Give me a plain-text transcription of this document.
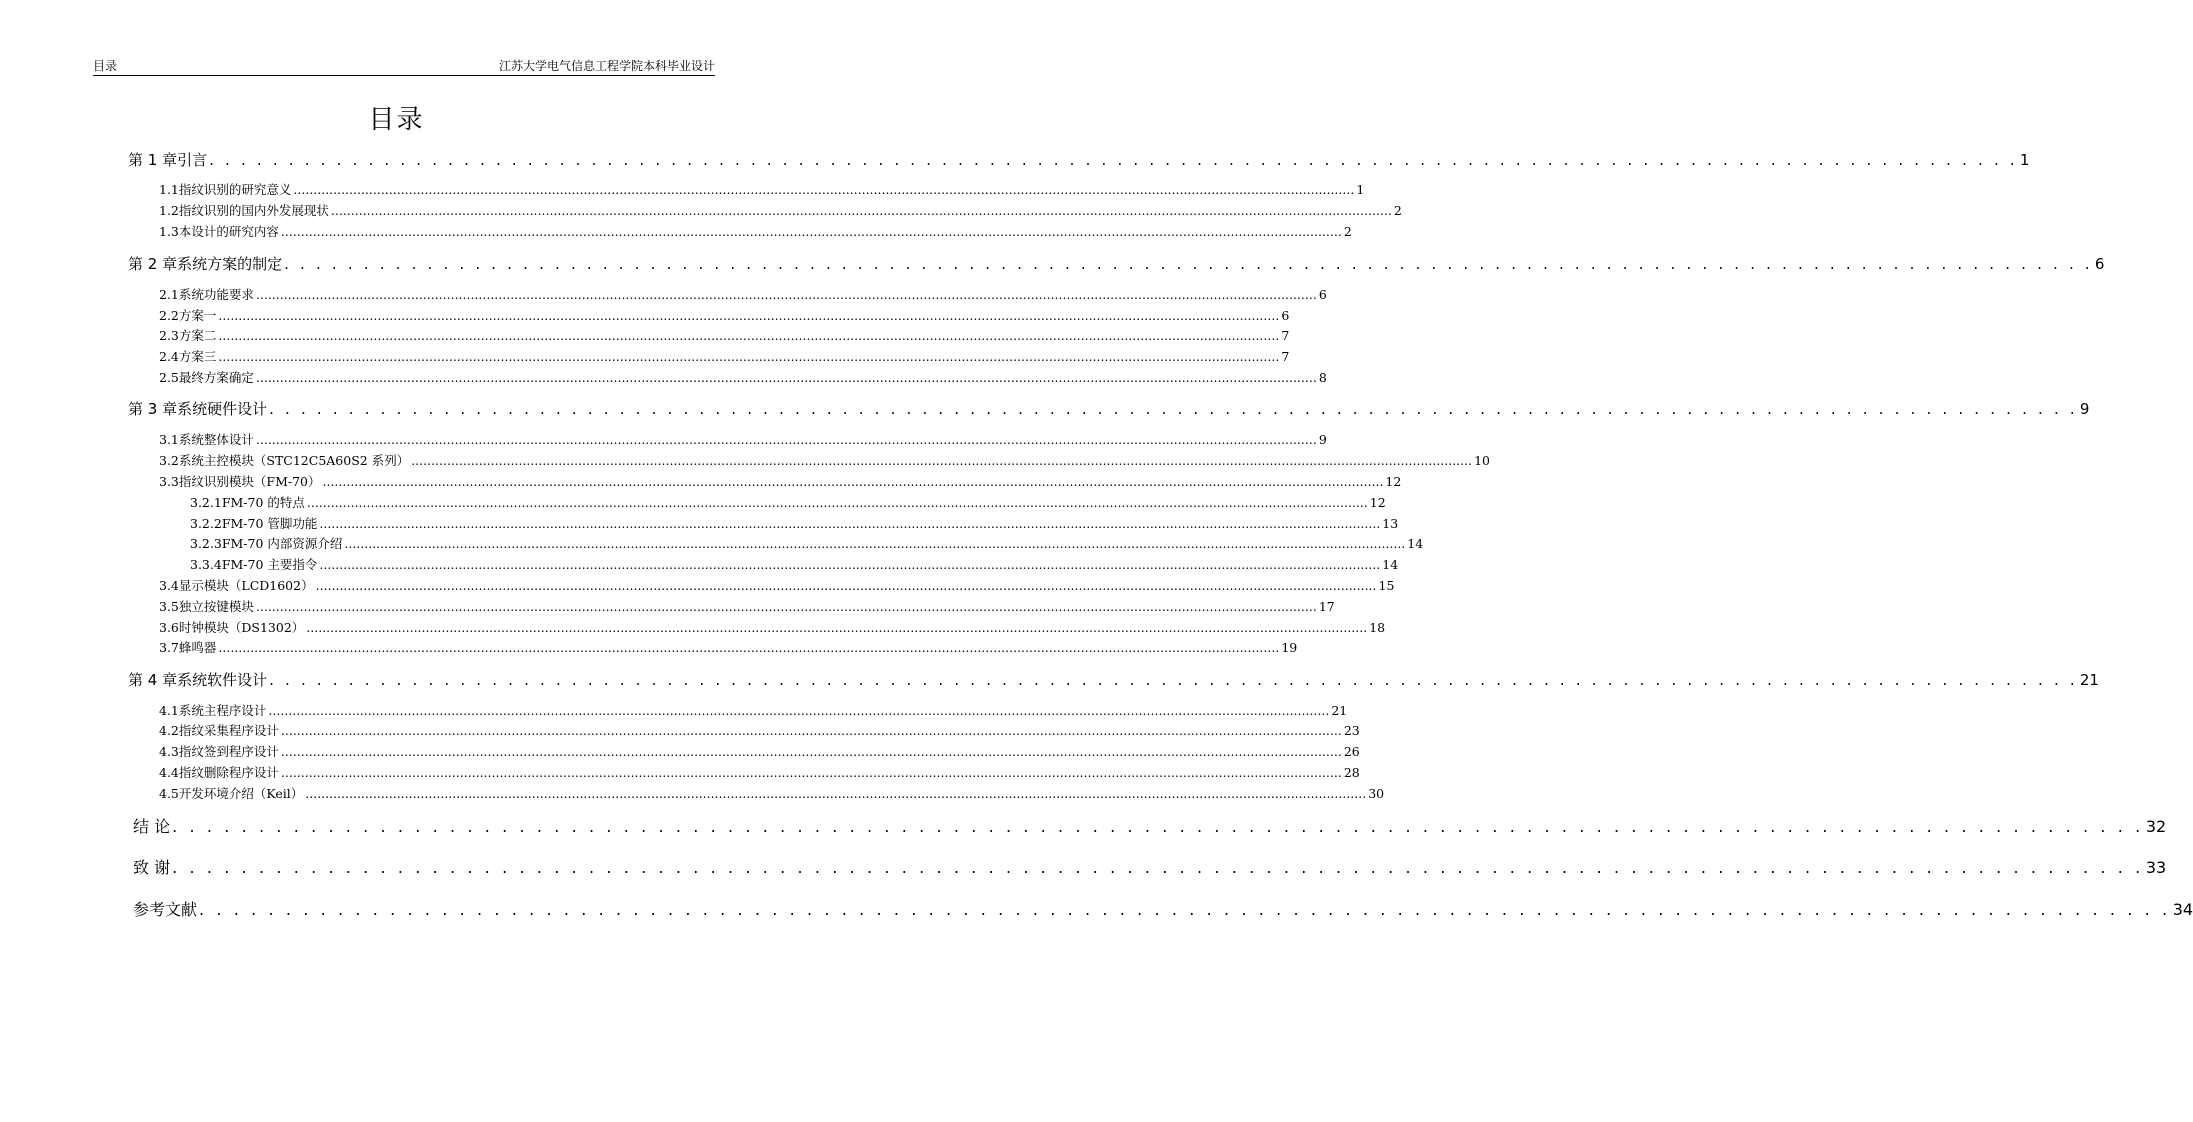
目录	江苏大学电气信息工程学院本科毕业设计
目录
第 1 章 引言 . . . . . . . . . . . . . . . . . . . . . . . . . . . . . . . . . . . . . . . . . . . . . . . . . . . . . . . . . . . . . . . . . . . . . . . . . . . . . . . . . . . . . . . . . . . . . . . . . . . . . . . . . . . . . . . . . . 1
1.1 指纹识别的研究意义 ........................................................................................................................................................................................................................................................................... 1
1.2 指纹识别的国内外发展现状 ........................................................................................................................................................................................................................................................................... 2
1.3 本设计的研究内容 ........................................................................................................................................................................................................................................................................... 2
第 2 章 系统方案的制定 . . . . . . . . . . . . . . . . . . . . . . . . . . . . . . . . . . . . . . . . . . . . . . . . . . . . . . . . . . . . . . . . . . . . . . . . . . . . . . . . . . . . . . . . . . . . . . . . . . . . . . . . . . . . . . . . . . 6
2.1 系统功能要求 ........................................................................................................................................................................................................................................................................... 6
2.2 方案一 ........................................................................................................................................................................................................................................................................... 6
2.3 方案二 ........................................................................................................................................................................................................................................................................... 7
2.4 方案三 ........................................................................................................................................................................................................................................................................... 7
2.5 最终方案确定 ........................................................................................................................................................................................................................................................................... 8
第 3 章 系统硬件设计 . . . . . . . . . . . . . . . . . . . . . . . . . . . . . . . . . . . . . . . . . . . . . . . . . . . . . . . . . . . . . . . . . . . . . . . . . . . . . . . . . . . . . . . . . . . . . . . . . . . . . . . . . . . . . . . . . . 9
3.1 系统整体设计 ........................................................................................................................................................................................................................................................................... 9
3.2 系统主控模块（STC12C5A60S2 系列） ........................................................................................................................................................................................................................................................................... 10
3.3 指纹识别模块（FM-70） ........................................................................................................................................................................................................................................................................... 12
3.2.1 FM-70 的特点 ........................................................................................................................................................................................................................................................................... 12
3.2.2 FM-70 管脚功能 ........................................................................................................................................................................................................................................................................... 13
3.2.3 FM-70 内部资源介绍 ........................................................................................................................................................................................................................................................................... 14
3.3.4 FM-70 主要指令 ........................................................................................................................................................................................................................................................................... 14
3.4 显示模块（LCD1602） ........................................................................................................................................................................................................................................................................... 15
3.5 独立按键模块 ........................................................................................................................................................................................................................................................................... 17
3.6 时钟模块（DS1302） ........................................................................................................................................................................................................................................................................... 18
3.7 蜂鸣器 ........................................................................................................................................................................................................................................................................... 19
第 4 章 系统软件设计 . . . . . . . . . . . . . . . . . . . . . . . . . . . . . . . . . . . . . . . . . . . . . . . . . . . . . . . . . . . . . . . . . . . . . . . . . . . . . . . . . . . . . . . . . . . . . . . . . . . . . . . . . . . . . . . . . . 21
4.1 系统主程序设计 ........................................................................................................................................................................................................................................................................... 21
4.2 指纹采集程序设计 ........................................................................................................................................................................................................................................................................... 23
4.3 指纹签到程序设计 ........................................................................................................................................................................................................................................................................... 26
4.4 指纹删除程序设计 ........................................................................................................................................................................................................................................................................... 28
4.5 开发环境介绍（Keil） ........................................................................................................................................................................................................................................................................... 30
结 论 . . . . . . . . . . . . . . . . . . . . . . . . . . . . . . . . . . . . . . . . . . . . . . . . . . . . . . . . . . . . . . . . . . . . . . . . . . . . . . . . . . . . . . . . . . . . . . . . . . . . . . . . . . . . . . . . . . 32
致 谢 . . . . . . . . . . . . . . . . . . . . . . . . . . . . . . . . . . . . . . . . . . . . . . . . . . . . . . . . . . . . . . . . . . . . . . . . . . . . . . . . . . . . . . . . . . . . . . . . . . . . . . . . . . . . . . . . . . 33
参考文献 . . . . . . . . . . . . . . . . . . . . . . . . . . . . . . . . . . . . . . . . . . . . . . . . . . . . . . . . . . . . . . . . . . . . . . . . . . . . . . . . . . . . . . . . . . . . . . . . . . . . . . . . . . . . . . . . . . 34
